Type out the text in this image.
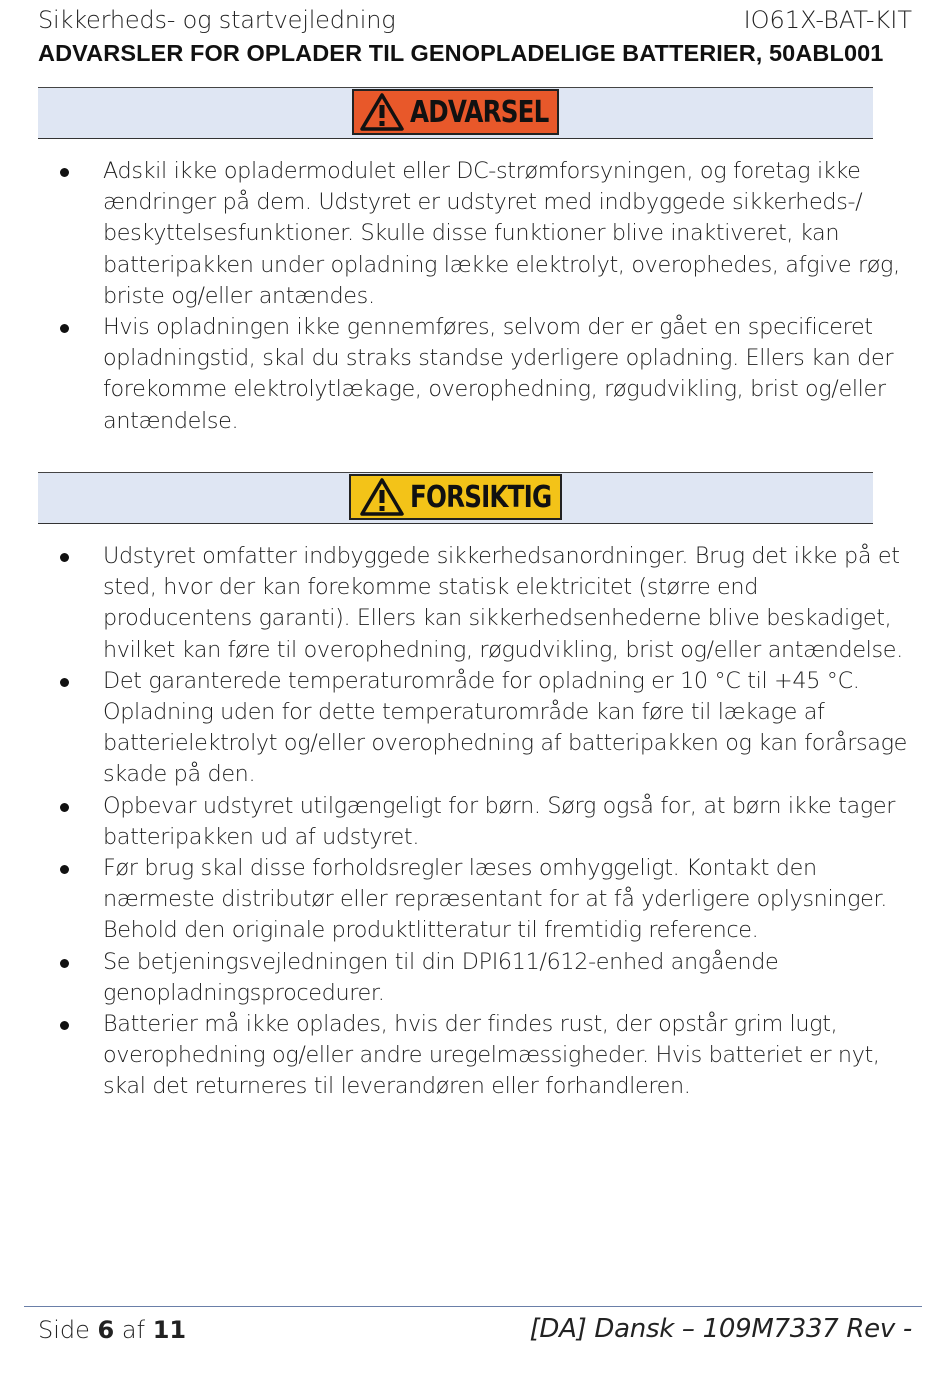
Sikkerheds- og startvejledning	IO61X-BAT-KIT
ADVARSLER FOR OPLADER TIL GENOPLADELIGE BATTERIER, 50ABL001
ADVARSEL
Adskil ikke opladermodulet eller DC-strømforsyningen, og foretag ikke ændringer på dem. Udstyret er udstyret med indbyggede sikkerheds-/ beskyttelsesfunktioner. Skulle disse funktioner blive inaktiveret, kan batteripakken under opladning lække elektrolyt, overophedes, afgive røg, briste og/eller antændes.
Hvis opladningen ikke gennemføres, selvom der er gået en specificeret opladningstid, skal du straks standse yderligere opladning. Ellers kan der forekomme elektrolytlækage, overophedning, røgudvikling, brist og/eller antændelse.
FORSIKTIG
Udstyret omfatter indbyggede sikkerhedsanordninger. Brug det ikke på et sted, hvor der kan forekomme statisk elektricitet (større end producentens garanti). Ellers kan sikkerhedsenhederne blive beskadiget, hvilket kan føre til overophedning, røgudvikling, brist og/eller antændelse.
Det garanterede temperaturområde for opladning er 10 °C til +45 °C. Opladning uden for dette temperaturområde kan føre til lækage af batterielektrolyt og/eller overophedning af batteripakken og kan forårsage skade på den.
Opbevar udstyret utilgængeligt for børn. Sørg også for, at børn ikke tager batteripakken ud af udstyret.
Før brug skal disse forholdsregler læses omhyggeligt. Kontakt den nærmeste distributør eller repræsentant for at få yderligere oplysninger. Behold den originale produktlitteratur til fremtidig reference.
Se betjeningsvejledningen til din DPI611/612-enhed angående genopladningsprocedurer.
Batterier må ikke oplades, hvis der findes rust, der opstår grim lugt, overophedning og/eller andre uregelmæssigheder. Hvis batteriet er nyt, skal det returneres til leverandøren eller forhandleren.
Side 6 af 11	[DA] Dansk – 109M7337 Rev -
